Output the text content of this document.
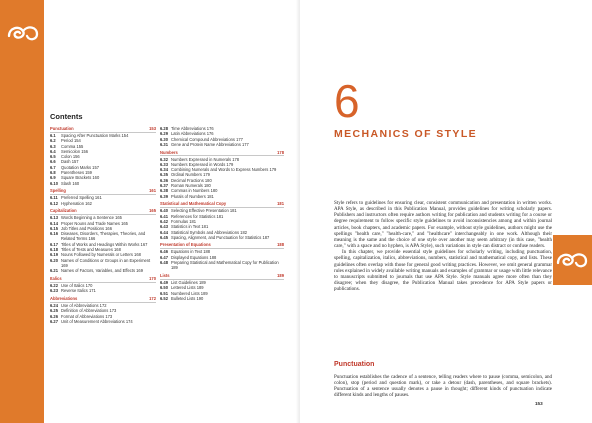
Contents
Punctuation	153
6.1	Spacing After Punctuation Marks 154
6.2	Period 154
6.3	Comma 155
6.4	Semicolon 156
6.5	Colon 156
6.6	Dash 157
6.7	Quotation Marks 157
6.8	Parentheses 159
6.9	Square Brackets 160
6.10 Slash 160
Spelling	161
6.11 Preferred Spelling 161
6.12 Hyphenation 162
Capitalization	165
6.13 Words Beginning a Sentence 165
6.14 Proper Nouns and Trade Names 165
6.15 Job Titles and Positions 166
6.16 Diseases, Disorders, Therapies, Theories, and Related Terms 166
6.17 Titles of Works and Headings Within Works 167
6.18 Titles of Tests and Measures 168
6.19 Nouns Followed by Numerals or Letters 168
6.20 Names of Conditions or Groups in an Experiment 169
6.21 Names of Factors, Variables, and Effects 169
Italics	170
6.22 Use of Italics 170
6.23 Reverse Italics 171
Abbreviations	172
6.24 Use of Abbreviations 172
6.25 Definition of Abbreviations 173
6.26 Format of Abbreviations 173
6.27 Unit of Measurement Abbreviations 174
6.28 Time Abbreviations 176
6.29 Latin Abbreviations 176
6.30 Chemical Compound Abbreviations 177
6.31 Gene and Protein Name Abbreviations 177
Numbers	178
6.32 Numbers Expressed in Numerals 178
6.33 Numbers Expressed in Words 179
6.34 Combining Numerals and Words to Express Numbers 179
6.35 Ordinal Numbers 179
6.36 Decimal Fractions 180
6.37 Roman Numerals 180
6.38 Commas in Numbers 180
6.39 Plurals of Numbers 181
Statistical and Mathematical Copy	181
6.40 Selecting Effective Presentation 181
6.41 References for Statistics 181
6.42 Formulas 181
6.43 Statistics in Text 181
6.44 Statistical Symbols and Abbreviations 182
6.45 Spacing, Alignment, and Punctuation for Statistics 187
Presentation of Equations	188
6.46 Equations in Text 188
6.47 Displayed Equations 188
6.48 Preparing Statistical and Mathematical Copy for Publication 189
Lists	189
6.49 List Guidelines 189
6.50 Lettered Lists 189
6.51 Numbered Lists 189
6.52 Bulleted Lists 190
6
MECHANICS OF STYLE

Style refers to guidelines for ensuring clear, consistent communication and presentation in written works. APA Style, as described in this Publication Manual, provides guidelines for writing scholarly papers. Publishers and instructors often require authors writing for publication and students writing for a course or degree requirement to follow specific style guidelines to avoid inconsistencies among and within journal articles, book chapters, and academic papers. For example, without style guidelines, authors might use the spellings "health care," "health-care," and "healthcare" interchangeably in one work. Although their meaning is the same and the choice of one style over another may seem arbitrary (in this case, "health care," with a space and no hyphen, is APA Style), such variations in style can distract or confuse readers.

In this chapter, we provide essential style guidelines for scholarly writing, including punctuation, spelling, capitalization, italics, abbreviations, numbers, statistical and mathematical copy, and lists. These guidelines often overlap with those for general good writing practices. However, we omit general grammar rules explained in widely available writing manuals and examples of grammar or usage with little relevance to manuscripts submitted to journals that use APA Style. Style manuals agree more often than they disagree; when they disagree, the Publication Manual takes precedence for APA Style papers or publications.

Punctuation

Punctuation establishes the cadence of a sentence, telling readers where to pause (comma, semicolon, and colon), stop (period and question mark), or take a detour (dash, parentheses, and square brackets). Punctuation of a sentence usually denotes a pause in thought; different kinds of punctuation indicate different kinds and lengths of pauses.

153
